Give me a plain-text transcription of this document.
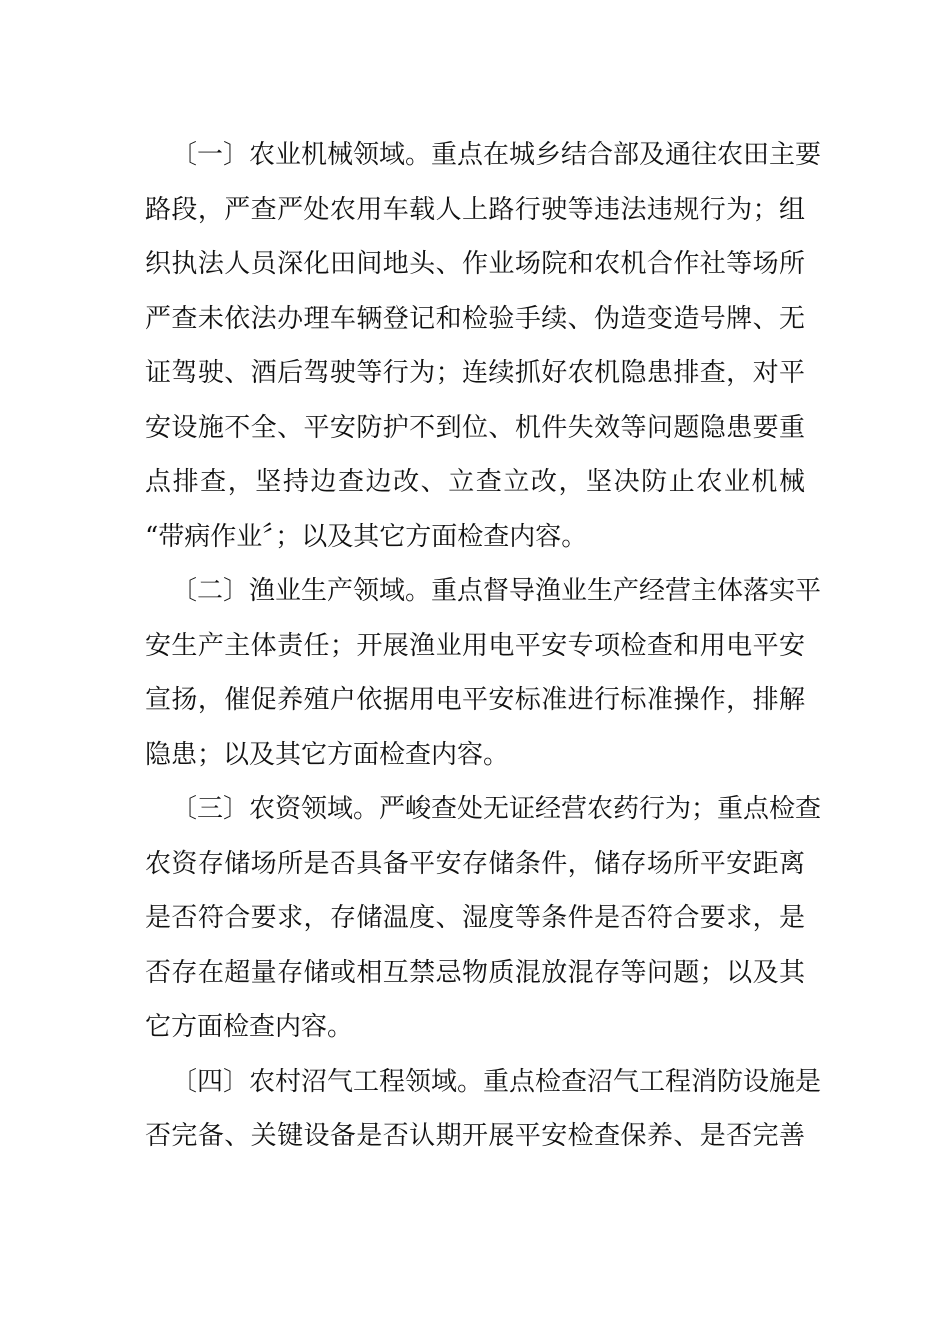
〔一〕农业机械领域。重点在城乡结合部及通往农田主要
路段，严查严处农用车载人上路行驶等违法违规行为；组
织执法人员深化田间地头、作业场院和农机合作社等场所
严查未依法办理车辆登记和检验手续、伪造变造号牌、无
证驾驶、酒后驾驶等行为；连续抓好农机隐患排查，对平
安设施不全、平安防护不到位、机件失效等问题隐患要重
点排查，坚持边查边改、立查立改，坚决防止农业机械
“带病作业〞；以及其它方面检查内容。
〔二〕渔业生产领域。重点督导渔业生产经营主体落实平
安生产主体责任；开展渔业用电平安专项检查和用电平安
宣扬，催促养殖户依据用电平安标准进行标准操作，排解
隐患；以及其它方面检查内容。
〔三〕农资领域。严峻查处无证经营农药行为；重点检查
农资存储场所是否具备平安存储条件，储存场所平安距离
是否符合要求，存储温度、湿度等条件是否符合要求，是
否存在超量存储或相互禁忌物质混放混存等问题；以及其
它方面检查内容。
〔四〕农村沼气工程领域。重点检查沼气工程消防设施是
否完备、关键设备是否认期开展平安检查保养、是否完善
